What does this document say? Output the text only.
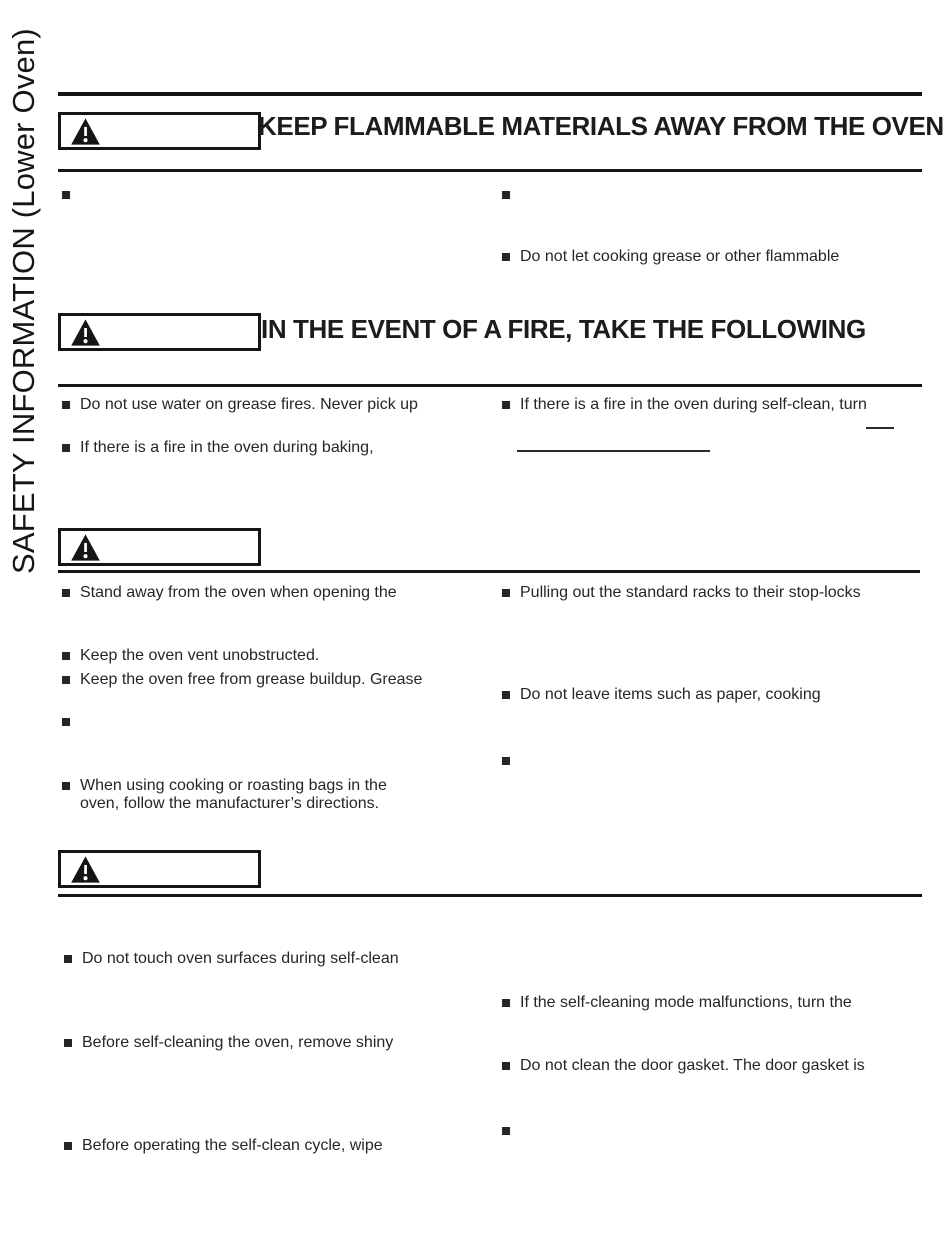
SAFETY INFORMATION (Lower Oven)	KEEP FLAMMABLE MATERIALS AWAY FROM THE OVEN
Do not let cooking grease or other flammable
IN THE EVENT OF A FIRE, TAKE THE FOLLOWING
Do not use water on grease fires. Never pick up
If there is a fire in the oven during baking,
If there is a fire in the oven during self-clean, turn
Stand away from the oven when opening the
Keep the oven vent unobstructed.
Keep the oven free from grease buildup. Grease
When using cooking or roasting bags in the oven, follow the manufacturer’s directions.
Pulling out the standard racks to their stop-locks
Do not leave items such as paper, cooking
Do not touch oven surfaces during self-clean
Before self-cleaning the oven, remove shiny
Before operating the self-clean cycle, wipe
If the self-cleaning mode malfunctions, turn the
Do not clean the door gasket. The door gasket is
